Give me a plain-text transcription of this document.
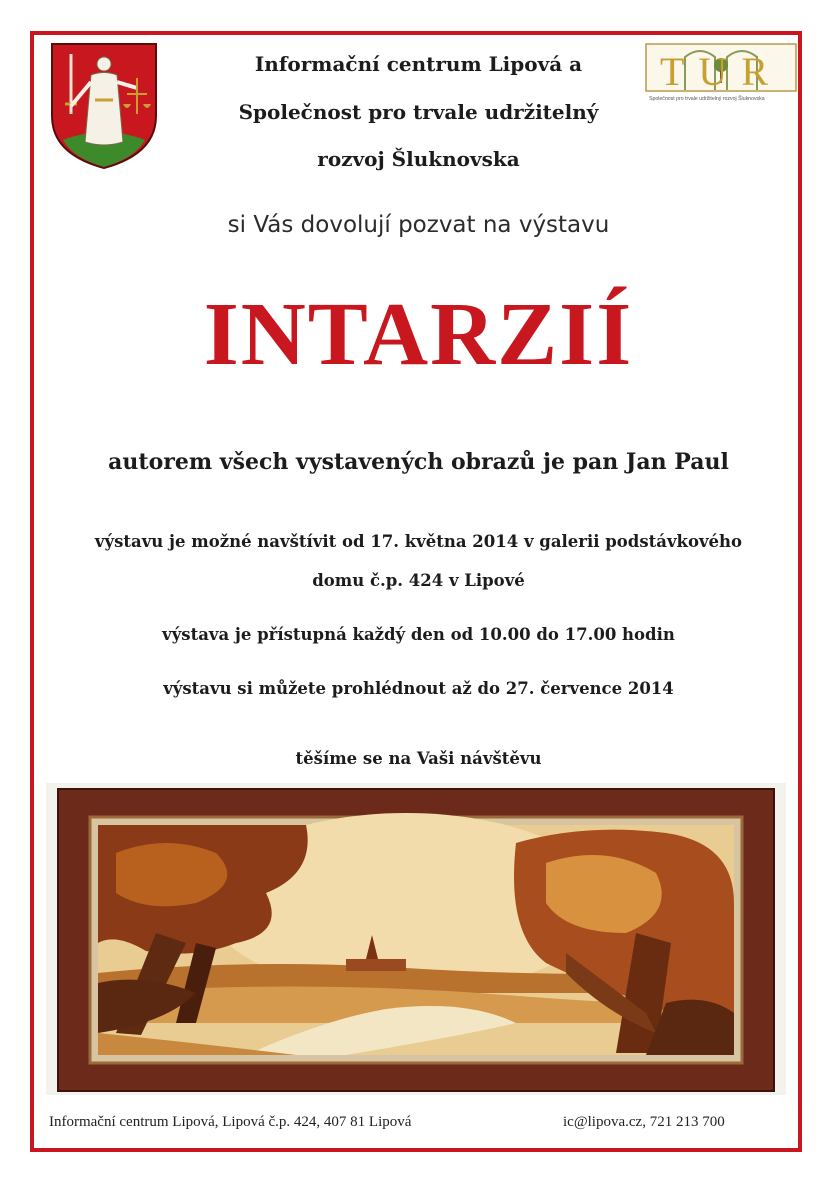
TUR
Společnost pro trvale udržitelný rozvoj Šluknovska
Informační centrum Lipová a
Společnost pro trvale udržitelný
rozvoj Šluknovska
si Vás dovolují pozvat na výstavu
INTARZIÍ
autorem všech vystavených obrazů je pan Jan Paul
výstavu je možné navštívit od 17. května 2014 v galerii podstávkového
domu č.p. 424 v Lipové
výstava je přístupná každý den od 10.00 do 17.00 hodin
výstavu si můžete prohlédnout až do 27. července 2014
těšíme se na Vaši návštěvu
Informační centrum Lipová, Lipová č.p. 424, 407 81 Lipová	ic@lipova.cz, 721 213 700
